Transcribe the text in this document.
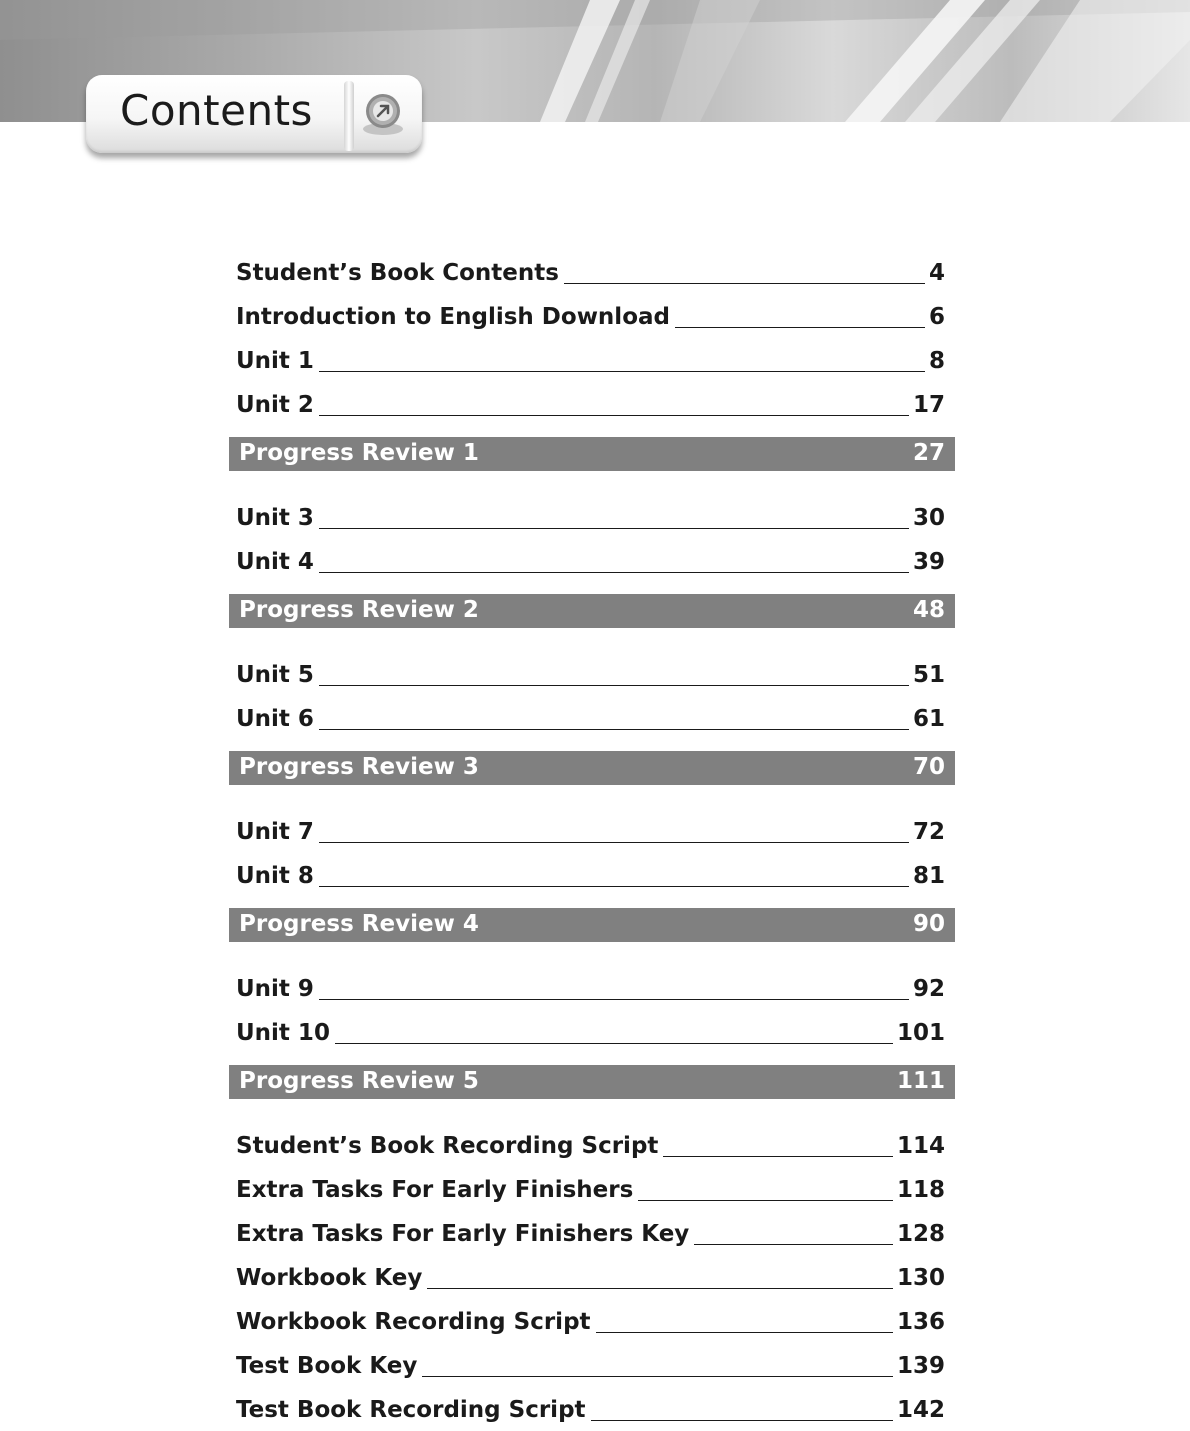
Contents
Student’s Book Contents	4
Introduction to English Download	6
Unit 1	8
Unit 2	17
Progress Review 1	27
Unit 3	30
Unit 4	39
Progress Review 2	48
Unit 5	51
Unit 6	61
Progress Review 3	70
Unit 7	72
Unit 8	81
Progress Review 4	90
Unit 9	92
Unit 10	101
Progress Review 5	111
Student’s Book Recording Script	114
Extra Tasks For Early Finishers	118
Extra Tasks For Early Finishers Key	128
Workbook Key	130
Workbook Recording Script	136
Test Book Key	139
Test Book Recording Script	142
